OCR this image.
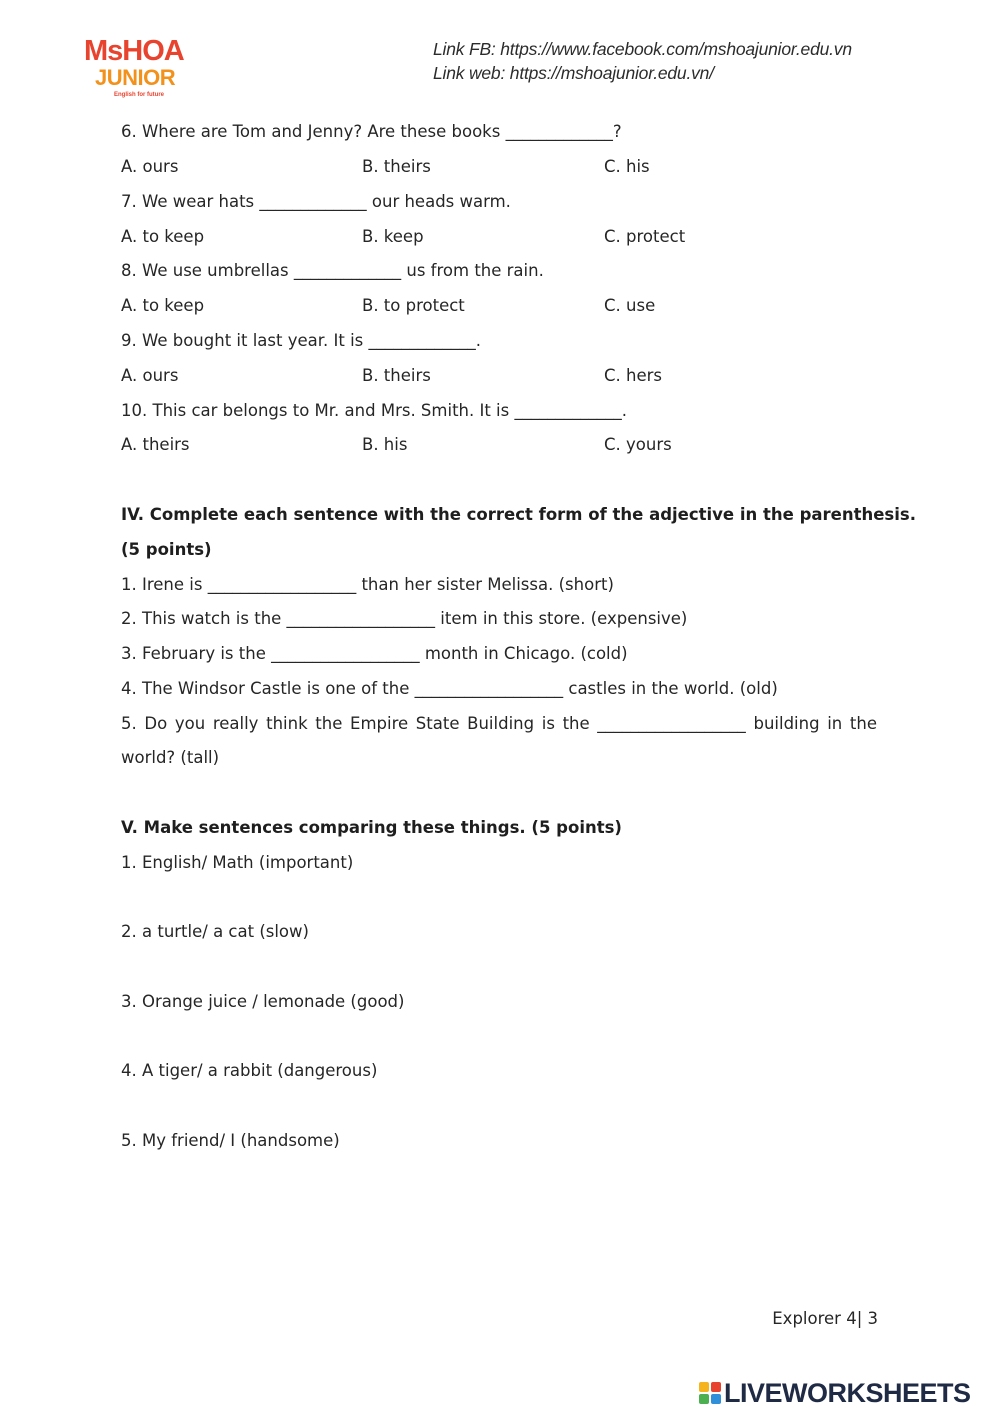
MsHOA
JUNIOR
English for future
Link FB: https://www.facebook.com/mshoajunior.edu.vn
Link web: https://mshoajunior.edu.vn/
6. Where are Tom and Jenny? Are these books _____________?
A. ours	B. theirs	C. his
7. We wear hats _____________ our heads warm.
A. to keep	B. keep	C. protect
8. We use umbrellas _____________ us from the rain.
A. to keep	B. to protect	C. use
9. We bought it last year. It is _____________.
A. ours	B. theirs	C. hers
10. This car belongs to Mr. and Mrs. Smith. It is _____________.
A. theirs	B. his	C. yours
IV. Complete each sentence with the correct form of the adjective in the parenthesis.
(5 points)
1. Irene is __________________ than her sister Melissa. (short)
2. This watch is the __________________ item in this store. (expensive)
3. February is the __________________ month in Chicago. (cold)
4. The Windsor Castle is one of the __________________ castles in the world. (old)
5. Do you really think the Empire State Building is the __________________ building in the
world? (tall)
V. Make sentences comparing these things. (5 points)
1. English/ Math (important)
2. a turtle/ a cat (slow)
3. Orange juice / lemonade (good)
4. A tiger/ a rabbit (dangerous)
5. My friend/ I (handsome)
Explorer 4| 3
LIVEWORKSHEETS
